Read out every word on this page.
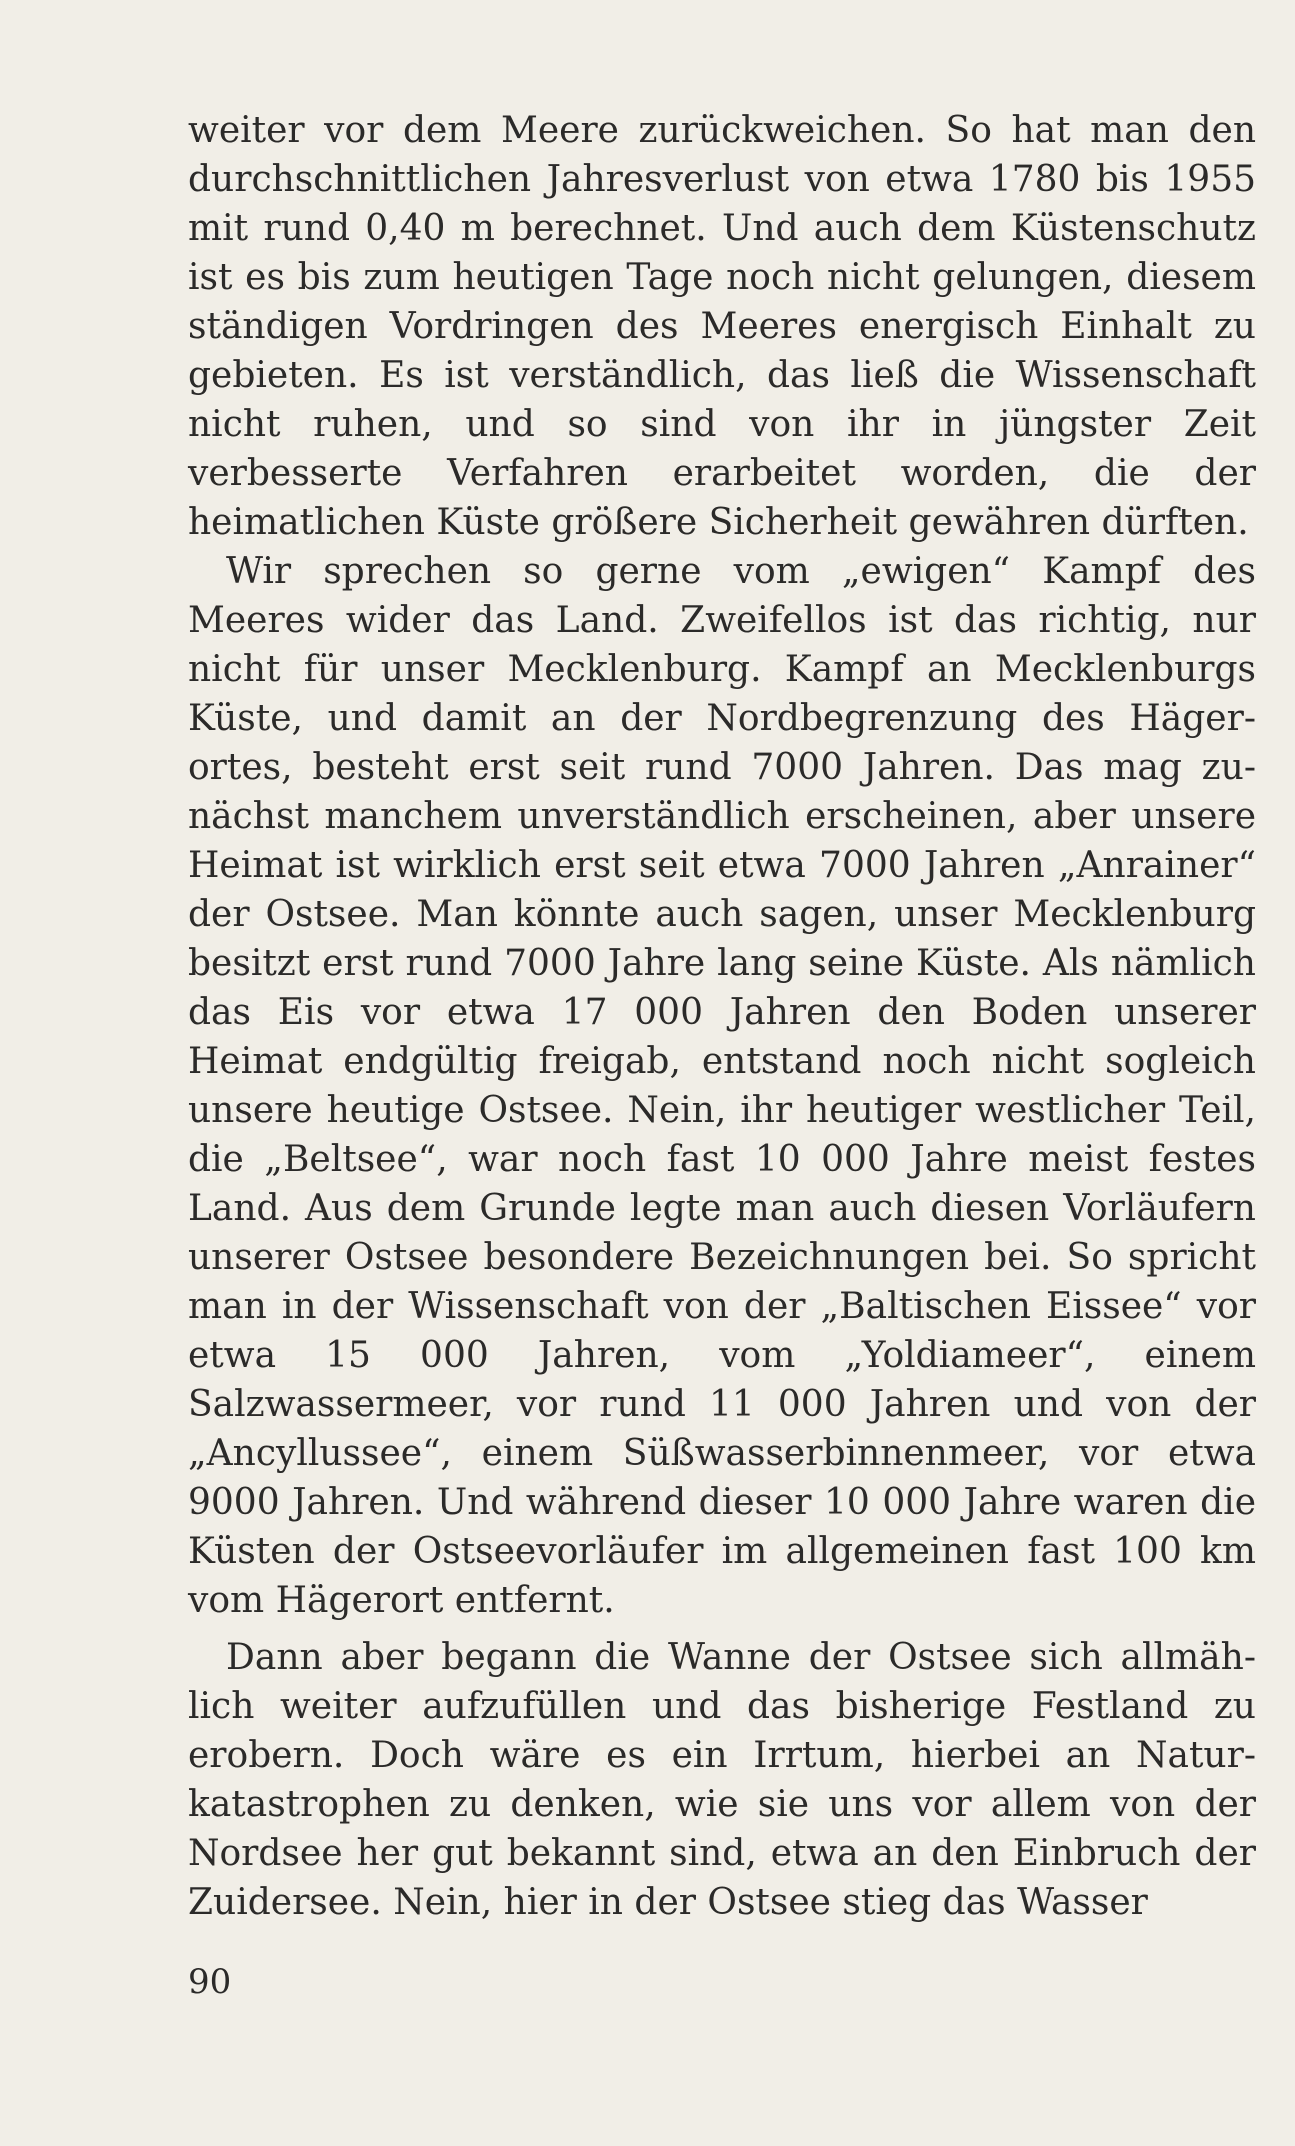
weiter vor dem Meere zurückweichen. So hat man den durchschnittlichen Jahresverlust von etwa 1780 bis 1955 mit rund 0,40 m berechnet. Und auch dem Küstenschutz ist es bis zum heutigen Tage noch nicht gelungen, diesem ständigen Vordringen des Meeres energisch Einhalt zu gebieten. Es ist verständlich, das ließ die Wissenschaft nicht ruhen, und so sind von ihr in jüngster Zeit verbesserte Verfahren erarbeitet worden, die der heimatlichen Küste größere Sicherheit gewähren dürften.

Wir sprechen so gerne vom „ewigen“ Kampf des Meeres wider das Land. Zweifellos ist das richtig, nur nicht für unser Mecklenburg. Kampf an Mecklenburgs Küste, und damit an der Nordbegrenzung des Hägerortes, besteht erst seit rund 7000 Jahren. Das mag zunächst manchem unverständlich erscheinen, aber unsere Heimat ist wirklich erst seit etwa 7000 Jahren „Anrainer“ der Ostsee. Man könnte auch sagen, unser Mecklenburg besitzt erst rund 7000 Jahre lang seine Küste. Als nämlich das Eis vor etwa 17 000 Jahren den Boden unserer Heimat endgültig freigab, entstand noch nicht sogleich unsere heutige Ostsee. Nein, ihr heutiger westlicher Teil, die „Beltsee“, war noch fast 10 000 Jahre meist festes Land. Aus dem Grunde legte man auch diesen Vorläufern unserer Ostsee besondere Bezeichnungen bei. So spricht man in der Wissenschaft von der „Baltischen Eissee“ vor etwa 15 000 Jahren, vom „Yoldiameer“, einem Salzwassermeer, vor rund 11 000 Jahren und von der „Ancyllussee“, einem Süßwasserbinnenmeer, vor etwa 9000 Jahren. Und während dieser 10 000 Jahre waren die Küsten der Ostseevorläufer im allgemeinen fast 100 km vom Hägerort entfernt.

Dann aber begann die Wanne der Ostsee sich allmählich weiter aufzufüllen und das bisherige Festland zu erobern. Doch wäre es ein Irrtum, hierbei an Naturkatastrophen zu denken, wie sie uns vor allem von der Nordsee her gut bekannt sind, etwa an den Einbruch der Zuidersee. Nein, hier in der Ostsee stieg das Wasser

90
